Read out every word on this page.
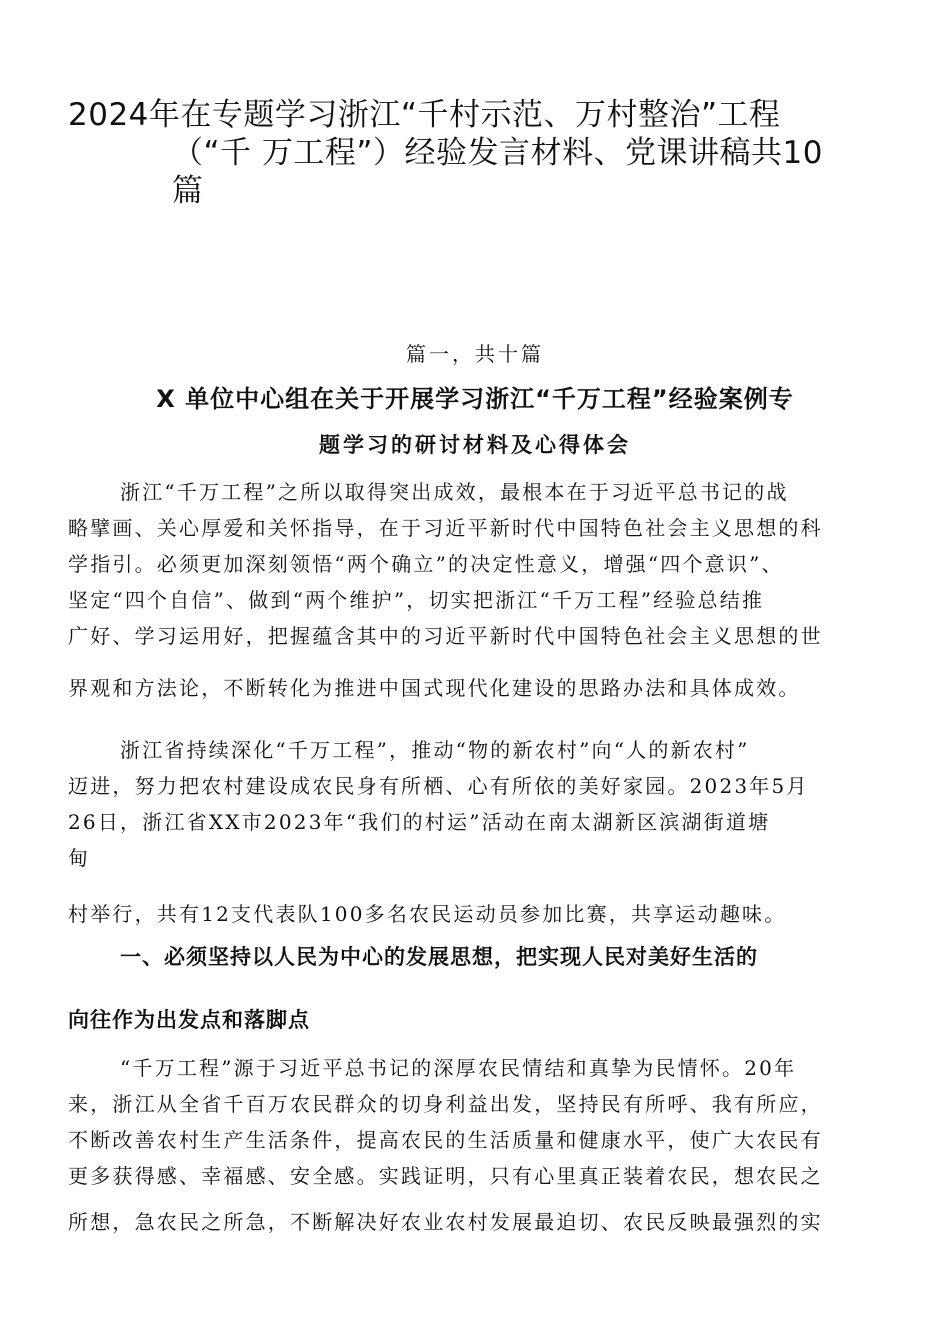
2024年在专题学习浙江“千村示范、万村整治”工程
（“千 万工程”）经验发言材料、党课讲稿共10
篇
篇一，共十篇
X 单位中心组在关于开展学习浙江“千万工程”经验案例专
题学习的研讨材料及心得体会
浙江“千万工程”之所以取得突出成效，最根本在于习近平总书记的战
略擘画、关心厚爱和关怀指导，在于习近平新时代中国特色社会主义思想的科
学指引。必须更加深刻领悟“两个确立”的决定性意义，增强“四个意识”、
坚定“四个自信”、做到“两个维护”，切实把浙江“千万工程”经验总结推
广好、学习运用好，把握蕴含其中的习近平新时代中国特色社会主义思想的世
界观和方法论，不断转化为推进中国式现代化建设的思路办法和具体成效。
浙江省持续深化“千万工程”，推动“物的新农村”向“人的新农村”
迈进，努力把农村建设成农民身有所栖、心有所依的美好家园。2023年5月
26日，浙江省XX市2023年“我们的村运”活动在南太湖新区滨湖街道塘
甸
村举行，共有12支代表队100多名农民运动员参加比赛，共享运动趣味。
一、必须坚持以人民为中心的发展思想，把实现人民对美好生活的
向往作为出发点和落脚点
“千万工程”源于习近平总书记的深厚农民情结和真挚为民情怀。20年
来，浙江从全省千百万农民群众的切身利益出发，坚持民有所呼、我有所应，
不断改善农村生产生活条件，提高农民的生活质量和健康水平，使广大农民有
更多获得感、幸福感、安全感。实践证明，只有心里真正装着农民，想农民之
所想，急农民之所急，不断解决好农业农村发展最迫切、农民反映最强烈的实
